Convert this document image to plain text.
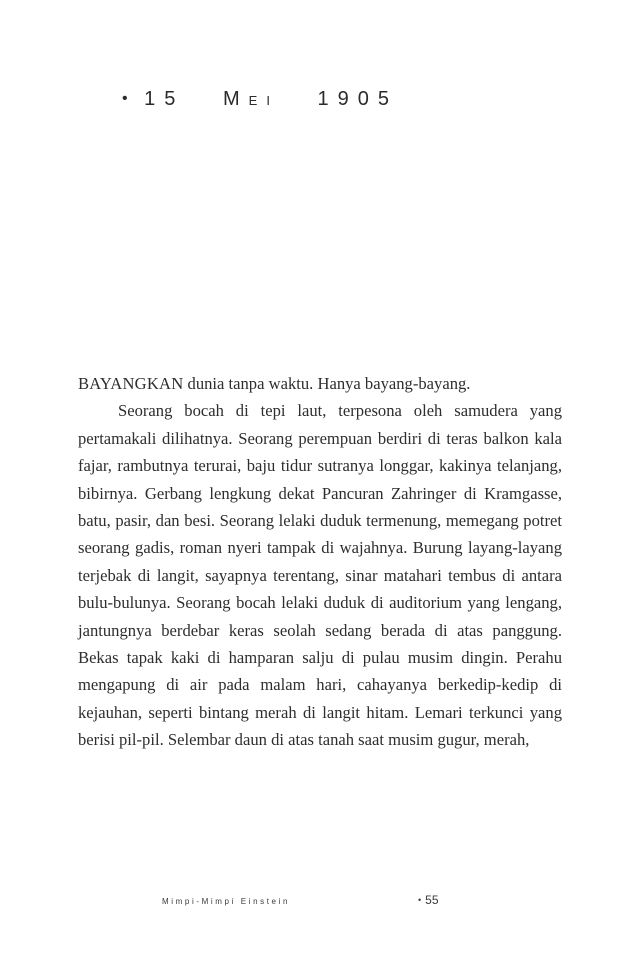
• 15 MEI 1905

BAYANGKAN dunia tanpa waktu. Hanya bayang-bayang.

Seorang bocah di tepi laut, terpesona oleh samudera yang pertamakali dilihatnya. Seorang perempuan berdiri di teras balkon kala fajar, rambutnya terurai, baju tidur sutranya longgar, kakinya telanjang, bibirnya. Gerbang lengkung dekat Pancuran Zahringer di Kramgasse, batu, pasir, dan besi. Seorang lelaki duduk termenung, memegang potret seorang gadis, roman nyeri tampak di wajahnya. Burung layang-layang terjebak di langit, sayapnya terentang, sinar matahari tembus di antara bulu-bulunya. Seorang bocah lelaki duduk di auditorium yang lengang, jantungnya berdebar keras seolah sedang berada di atas panggung. Bekas tapak kaki di hamparan salju di pulau musim dingin. Perahu mengapung di air pada malam hari, cahayanya berkedip-kedip di kejauhan, seperti bintang merah di langit hitam. Lemari terkunci yang berisi pil-pil. Selembar daun di atas tanah saat musim gugur, merah,

Mimpi-Mimpi Einstein	• 55
